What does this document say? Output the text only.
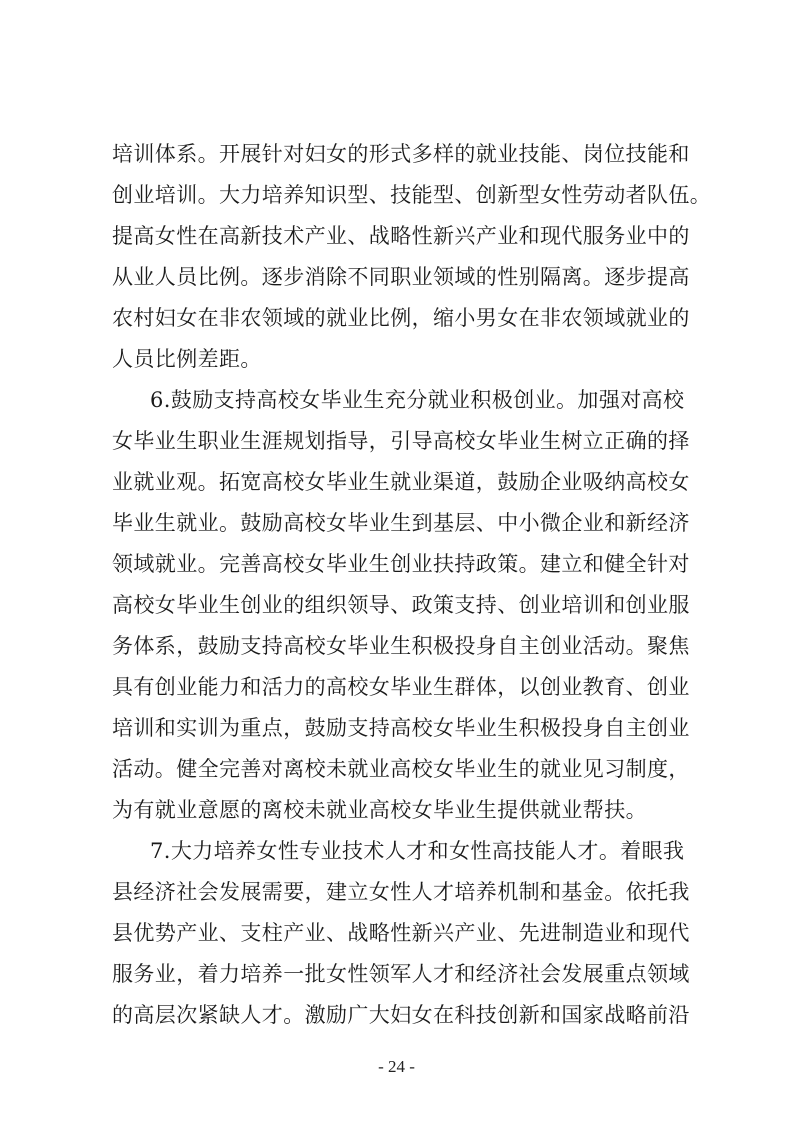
培训体系。开展针对妇女的形式多样的就业技能、岗位技能和
创业培训。大力培养知识型、技能型、创新型女性劳动者队伍。
提高女性在高新技术产业、战略性新兴产业和现代服务业中的
从业人员比例。逐步消除不同职业领域的性别隔离。逐步提高
农村妇女在非农领域的就业比例，缩小男女在非农领域就业的
人员比例差距。
6.鼓励支持高校女毕业生充分就业积极创业。加强对高校
女毕业生职业生涯规划指导，引导高校女毕业生树立正确的择
业就业观。拓宽高校女毕业生就业渠道，鼓励企业吸纳高校女
毕业生就业。鼓励高校女毕业生到基层、中小微企业和新经济
领域就业。完善高校女毕业生创业扶持政策。建立和健全针对
高校女毕业生创业的组织领导、政策支持、创业培训和创业服
务体系，鼓励支持高校女毕业生积极投身自主创业活动。聚焦
具有创业能力和活力的高校女毕业生群体，以创业教育、创业
培训和实训为重点，鼓励支持高校女毕业生积极投身自主创业
活动。健全完善对离校未就业高校女毕业生的就业见习制度，
为有就业意愿的离校未就业高校女毕业生提供就业帮扶。
7.大力培养女性专业技术人才和女性高技能人才。着眼我
县经济社会发展需要，建立女性人才培养机制和基金。依托我
县优势产业、支柱产业、战略性新兴产业、先进制造业和现代
服务业，着力培养一批女性领军人才和经济社会发展重点领域
的高层次紧缺人才。激励广大妇女在科技创新和国家战略前沿
- 24 -
